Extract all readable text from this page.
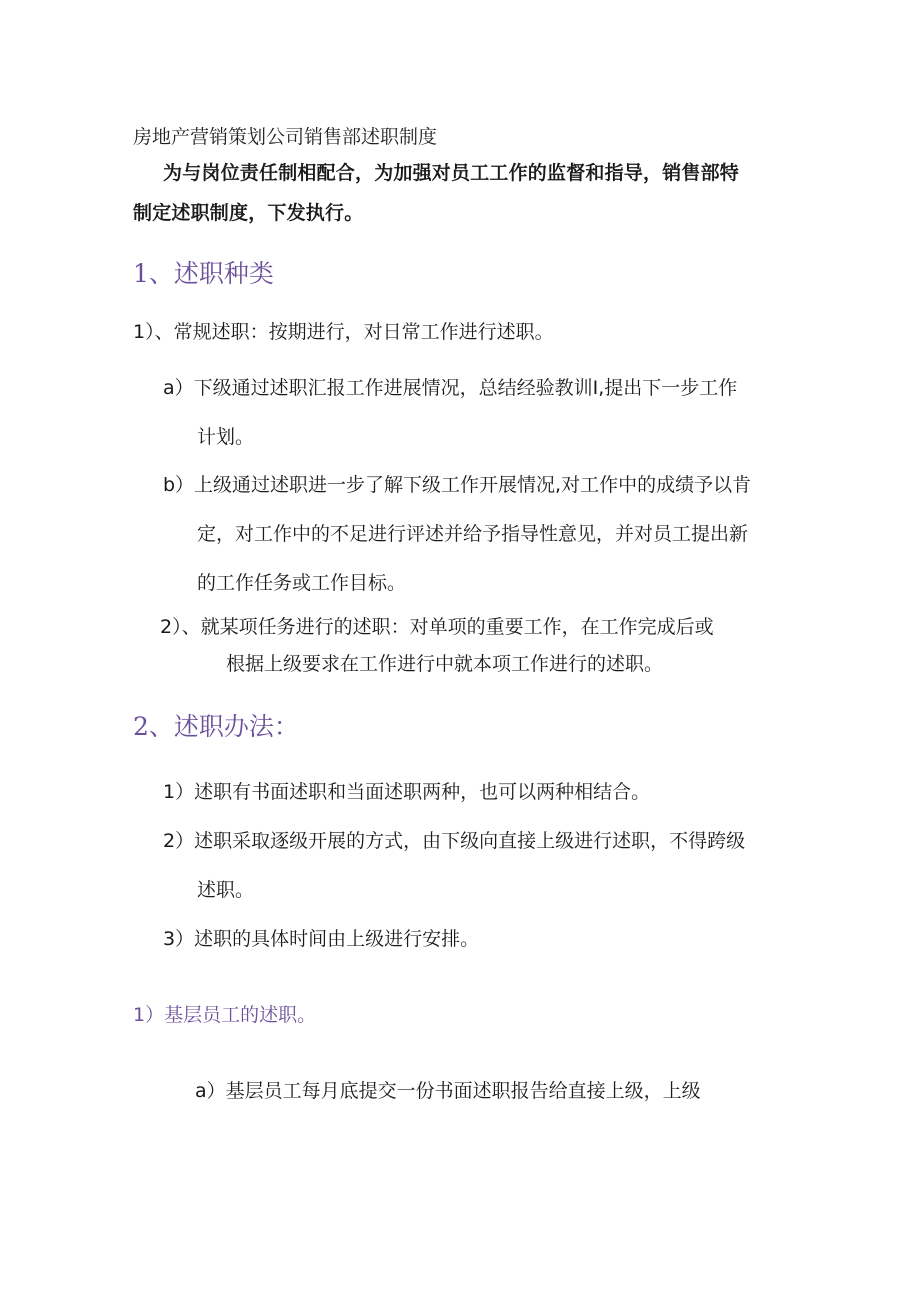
房地产营销策划公司销售部述职制度
为与岗位责任制相配合，为加强对员工工作的监督和指导，销售部特
制定述职制度，下发执行。
1、述职种类
1）、常规述职：按期进行，对日常工作进行述职。
a）下级通过述职汇报工作进展情况，总结经验教训I,提出下一步工作
计划。
b）上级通过述职进一步了解下级工作开展情况,对工作中的成绩予以肯
定，对工作中的不足进行评述并给予指导性意见，并对员工提出新
的工作任务或工作目标。
2）、就某项任务进行的述职：对单项的重要工作，在工作完成后或
根据上级要求在工作进行中就本项工作进行的述职。
2、述职办法：
1）述职有书面述职和当面述职两种，也可以两种相结合。
2）述职采取逐级开展的方式，由下级向直接上级进行述职，不得跨级
述职。
3）述职的具体时间由上级进行安排。
1）基层员工的述职。
a）基层员工每月底提交一份书面述职报告给直接上级，上级
